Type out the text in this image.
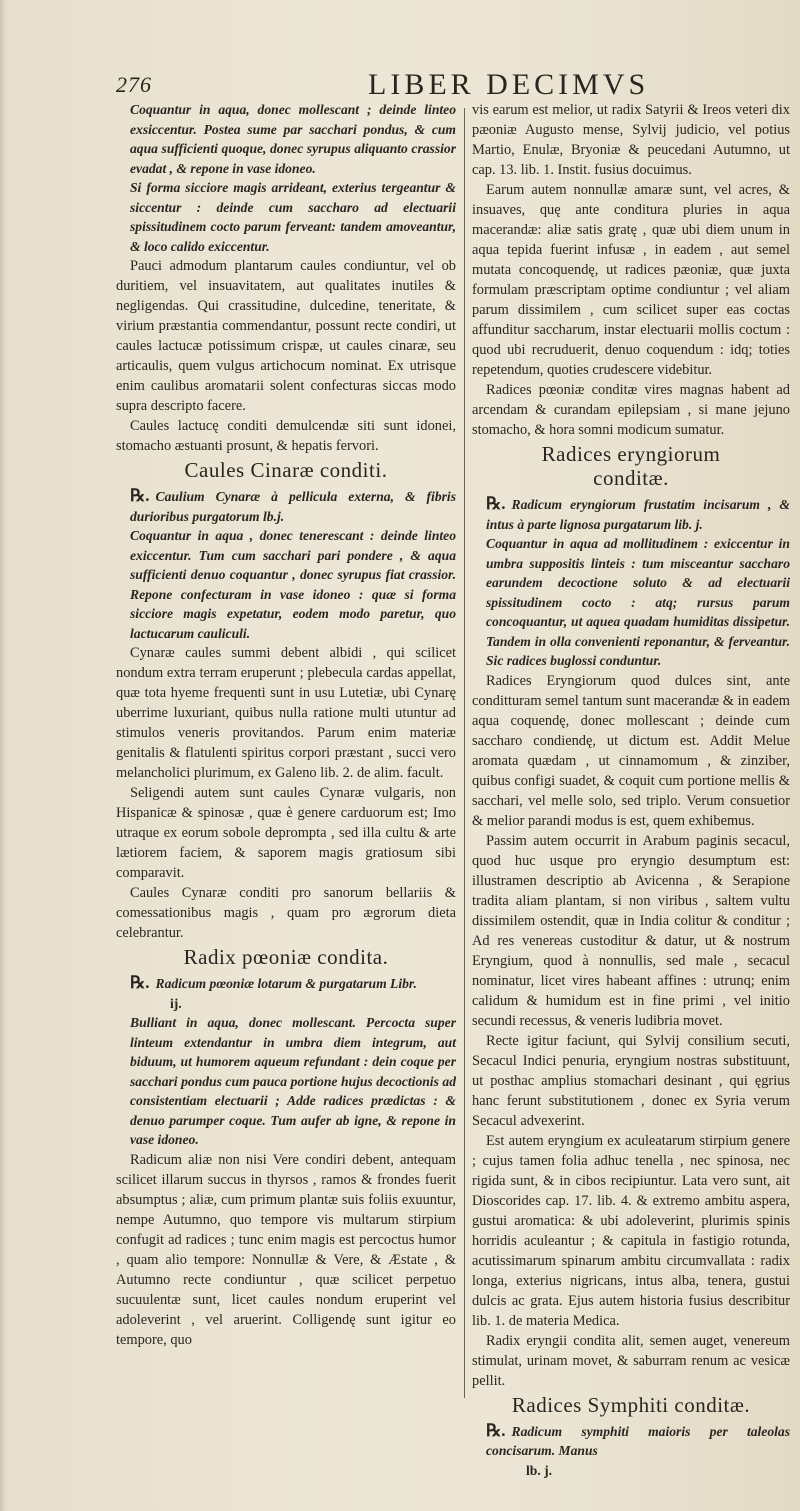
276	LIBER DECIMVS

Coquantur in aqua, donec mollescant ; deinde linteo exsiccentur. Postea sume par sacchari pondus, & cum aqua sufficienti quoque, donec syrupus aliquanto crassior evadat , & repone in vase idoneo.

Si forma sicciore magis arrideant, exterius tergeantur & siccentur : deinde cum saccharo ad electuarii spissitudinem cocto parum ferveant: tandem amoveantur, & loco calido exiccentur.

Pauci admodum plantarum caules condiuntur, vel ob duritiem, vel insuavitatem, aut qualitates inutiles & negligendas. Qui crassitudine, dulcedine, teneritate, & virium præstantia commendantur, possunt recte condiri, ut caules lactucæ potissimum crispæ, ut caules cinaræ, seu articaulis, quem vulgus artichocum nominat. Ex utrisque enim caulibus aromatarii solent confecturas siccas modo supra descripto facere.

Caules lactucę conditi demulcendæ siti sunt idonei, stomacho æstuanti prosunt, & hepatis fervori.

Caules Cinaræ conditi.

℞. Caulium Cynaræ à pellicula externa, & fibris durioribus purgatorum lb.j.

Coquantur in aqua , donec tenerescant : deinde linteo exiccentur. Tum cum sacchari pari pondere , & aqua sufficienti denuo coquantur , donec syrupus fiat crassior. Repone confecturam in vase idoneo : quæ si forma sicciore magis expetatur, eodem modo paretur, quo lactucarum cauliculi.

Cynaræ caules summi debent albidi , qui scilicet nondum extra terram eruperunt ; plebecula cardas appellat, quæ tota hyeme frequenti sunt in usu Lutetiæ, ubi Cynarę uberrime luxuriant, quibus nulla ratione multi utuntur ad stimulos veneris provitandos. Parum enim materiæ genitalis & flatulenti spiritus corpori præstant , succi vero melancholici plurimum, ex Galeno lib. 2. de alim. facult.

Seligendi autem sunt caules Cynaræ vulgaris, non Hispanicæ & spinosæ , quæ è genere carduorum est; Imo utraque ex eorum sobole deprompta , sed illa cultu & arte lætiorem faciem, & saporem magis gratiosum sibi comparavit.

Caules Cynaræ conditi pro sanorum bellariis & comessationibus magis , quam pro ægrorum dieta celebrantur.

Radix pœoniæ condita.

℞. Radicum pœoniæ lotarum & purgatarum Libr.
ij.

Bulliant in aqua, donec mollescant. Percocta super linteum extendantur in umbra diem integrum, aut biduum, ut humorem aqueum refundant : dein coque per sacchari pondus cum pauca portione hujus decoctionis ad consistentiam electuarii ; Adde radices prædictas : & denuo parumper coque. Tum aufer ab igne, & repone in vase idoneo.

Radicum aliæ non nisi Vere condiri debent, antequam scilicet illarum succus in thyrsos , ramos & frondes fuerit absumptus ; aliæ, cum primum plantæ suis foliis exuuntur, nempe Autumno, quo tempore vis multarum stirpium confugit ad radices ; tunc enim magis est percoctus humor , quam alio tempore: Nonnullæ & Vere, & Æstate , & Autumno recte condiuntur , quæ scilicet perpetuo sucuulentæ sunt, licet caules nondum eruperint vel adoleverint , vel aruerint. Colligendę sunt igitur eo tempore, quo

vis earum est melior, ut radix Satyrii & Ireos veteri dix pæoniæ Augusto mense, Sylvij judicio, vel potius Martio, Enulæ, Bryoniæ & peucedani Autumno, ut cap. 13. lib. 1. Instit. fusius docuimus.

Earum autem nonnullæ amaræ sunt, vel acres, & insuaves, quę ante conditura pluries in aqua macerandæ: aliæ satis gratę , quæ ubi diem unum in aqua tepida fuerint infusæ , in eadem , aut semel mutata concoquendę, ut radices pæoniæ, quæ juxta formulam præscriptam optime condiuntur ; vel aliam parum dissimilem , cum scilicet super eas coctas affunditur saccharum, instar electuarii mollis coctum : quod ubi recruduerit, denuo coquendum : idq; toties repetendum, quoties crudescere videbitur.

Radices pœoniæ conditæ vires magnas habent ad arcendam & curandam epilepsiam , si mane jejuno stomacho, & hora somni modicum sumatur.

Radices eryngiorum
conditæ.

℞. Radicum eryngiorum frustatim incisarum , & intus à parte lignosa purgatarum lib. j.

Coquantur in aqua ad mollitudinem : exiccentur in umbra suppositis linteis : tum misceantur saccharo earundem decoctione soluto & ad electuarii spissitudinem cocto : atq; rursus parum concoquantur, ut aquea quadam humiditas dissipetur. Tandem in olla convenienti reponantur, & ferveantur. Sic radices buglossi conduntur.

Radices Eryngiorum quod dulces sint, ante conditturam semel tantum sunt macerandæ & in eadem aqua coquendę, donec mollescant ; deinde cum saccharo condiendę, ut dictum est. Addit Melue aromata quædam , ut cinnamomum , & zinziber, quibus configi suadet, & coquit cum portione mellis & sacchari, vel melle solo, sed triplo. Verum consuetior & melior parandi modus is est, quem exhibemus.

Passim autem occurrit in Arabum paginis secacul, quod huc usque pro eryngio desumptum est: illustramen descriptio ab Avicenna , & Serapione tradita aliam plantam, si non viribus , saltem vultu dissimilem ostendit, quæ in India colitur & conditur ; Ad res venereas custoditur & datur, ut & nostrum Eryngium, quod à nonnullis, sed male , secacul nominatur, licet vires habeant affines : utrunq; enim calidum & humidum est in fine primi , vel initio secundi recessus, & veneris ludibria movet.

Recte igitur faciunt, qui Sylvij consilium secuti, Secacul Indici penuria, eryngium nostras substituunt, ut posthac amplius stomachari desinant , qui ęgrius hanc ferunt substitutionem , donec ex Syria verum Secacul advexerint.

Est autem eryngium ex aculeatarum stirpium genere ; cujus tamen folia adhuc tenella , nec spinosa, nec rigida sunt, & in cibos recipiuntur. Lata vero sunt, ait Dioscorides cap. 17. lib. 4. & extremo ambitu aspera, gustui aromatica: & ubi adoleverint, plurimis spinis horridis aculeantur ; & capitula in fastigio rotunda, acutissimarum spinarum ambitu circumvallata : radix longa, exterius nigricans, intus alba, tenera, gustui dulcis ac grata. Ejus autem historia fusius describitur lib. 1. de materia Medica.

Radix eryngii condita alit, semen auget, venereum stimulat, urinam movet, & saburram renum ac vesicæ pellit.

Radices Symphiti conditæ.

℞. Radicum symphiti maioris per taleolas concisarum. Manus
lb. j.
